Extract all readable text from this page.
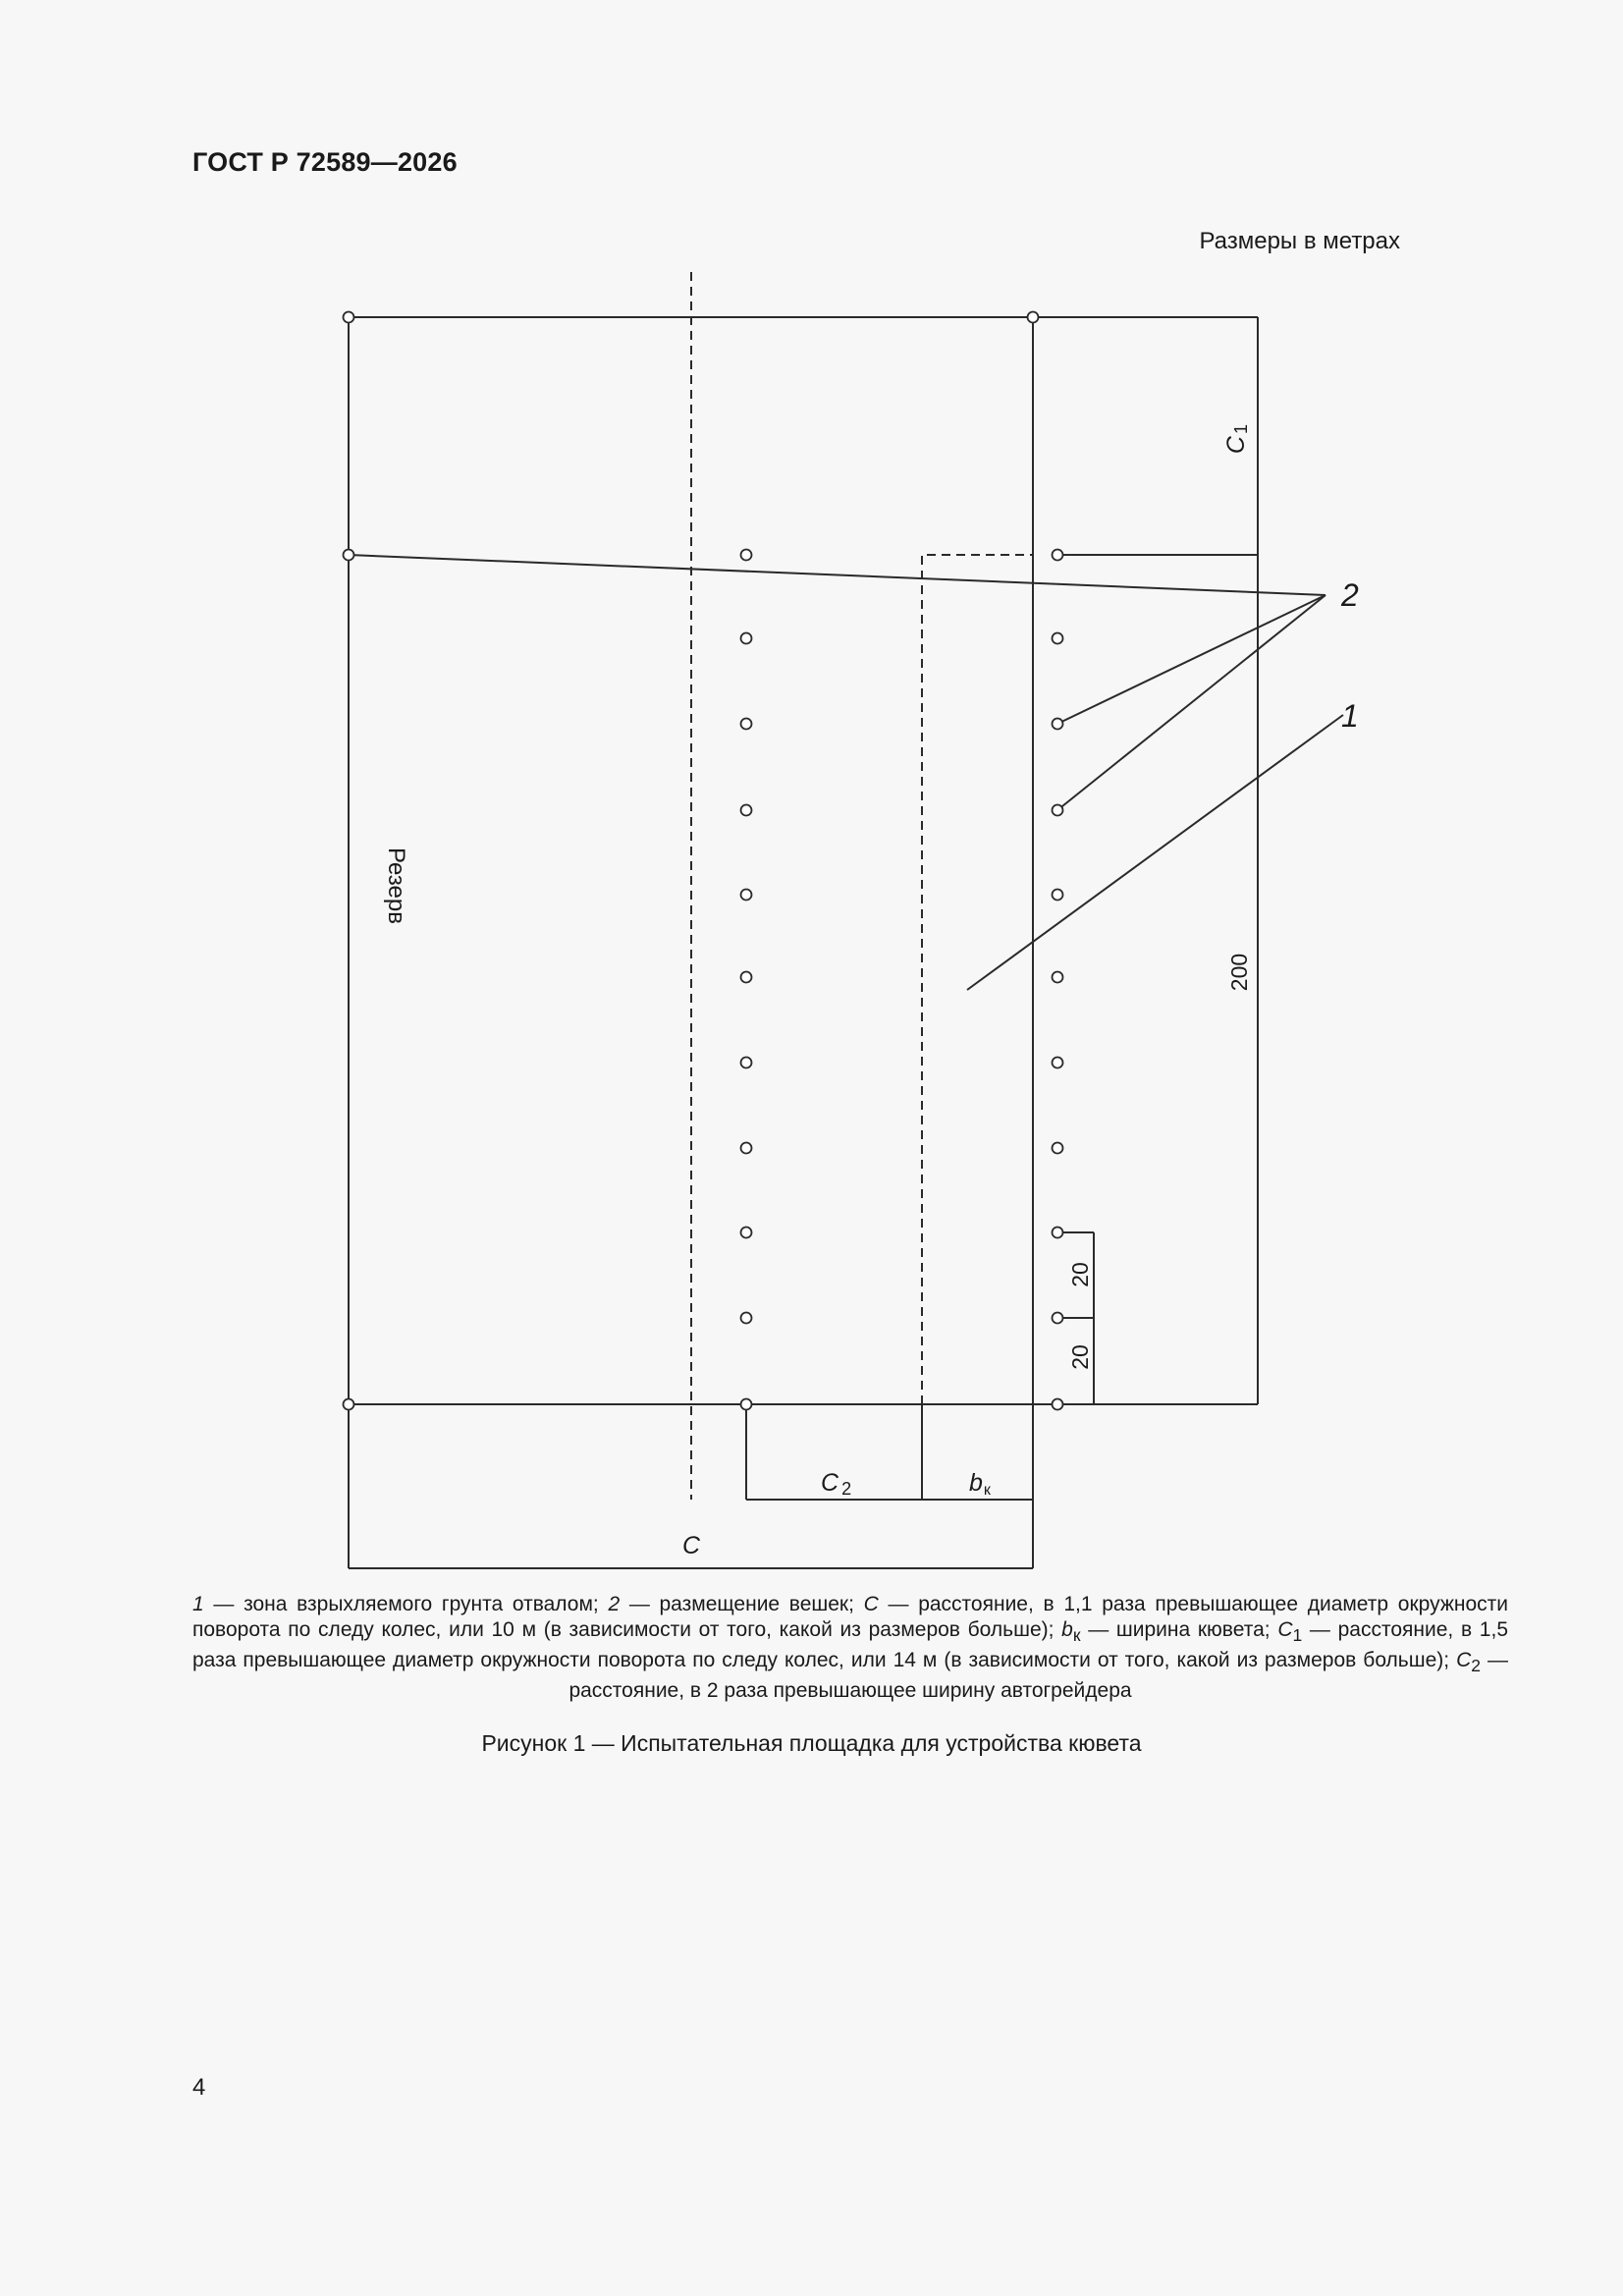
ГОСТ Р 72589—2026
Размеры в метрах
Резерв
C
1
200
20
20
C 2	bк
C
2
1
1 — зона взрыхляемого грунта отвалом; 2 — размещение вешек; C — расстояние, в 1,1 раза превышающее диаметр окружности поворота по следу колес, или 10 м (в зависимости от того, какой из размеров больше); $b_к$ — ширина кювета; $C_1$ — расстояние, в 1,5 раза превышающее диаметр окружности поворота по следу колес, или 14 м (в зависимости от того, какой из размеров больше); $C_2$ — расстояние, в 2 раза превышающее ширину автогрейдера
Рисунок 1 — Испытательная площадка для устройства кювета
4
